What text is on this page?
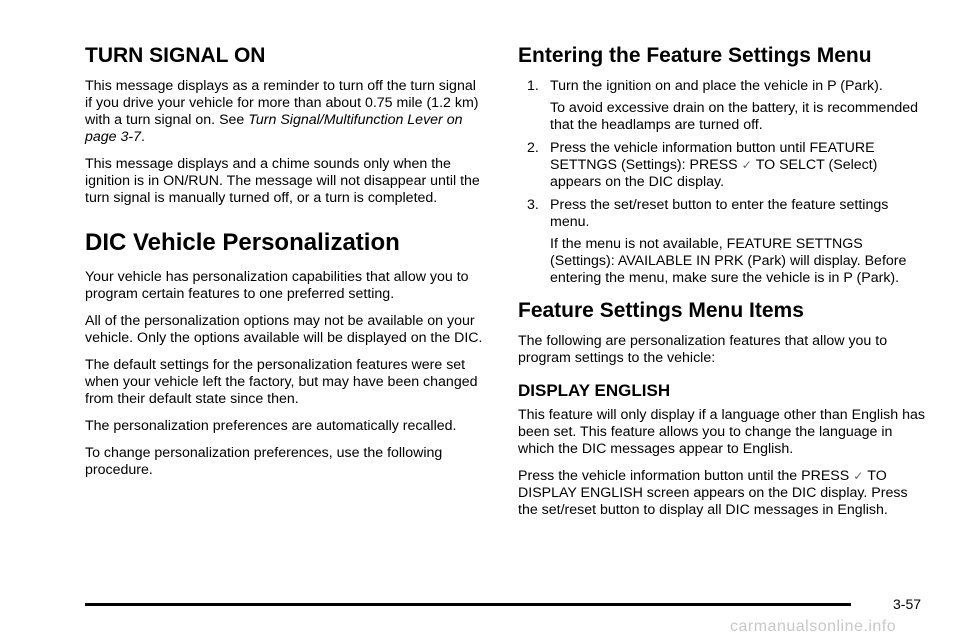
TURN SIGNAL ON

This message displays as a reminder to turn off the turn signal if you drive your vehicle for more than about 0.75 mile (1.2 km) with a turn signal on. See Turn Signal/Multifunction Lever on page 3-7.

This message displays and a chime sounds only when the ignition is in ON/RUN. The message will not disappear until the turn signal is manually turned off, or a turn is completed.

DIC Vehicle Personalization

Your vehicle has personalization capabilities that allow you to program certain features to one preferred setting.

All of the personalization options may not be available on your vehicle. Only the options available will be displayed on the DIC.

The default settings for the personalization features were set when your vehicle left the factory, but may have been changed from their default state since then.

The personalization preferences are automatically recalled.

To change personalization preferences, use the following procedure.

Entering the Feature Settings Menu
1. Turn the ignition on and place the vehicle in P (Park).

To avoid excessive drain on the battery, it is recommended that the headlamps are turned off.

2. Press the vehicle information button until FEATURE SETTNGS (Settings): PRESS ✓ TO SELCT (Select) appears on the DIC display.

3. Press the set/reset button to enter the feature settings menu.

If the menu is not available, FEATURE SETTNGS (Settings): AVAILABLE IN PRK (Park) will display. Before entering the menu, make sure the vehicle is in P (Park).

Feature Settings Menu Items

The following are personalization features that allow you to program settings to the vehicle:

DISPLAY ENGLISH

This feature will only display if a language other than English has been set. This feature allows you to change the language in which the DIC messages appear to English.

Press the vehicle information button until the PRESS ✓ TO DISPLAY ENGLISH screen appears on the DIC display. Press the set/reset button to display all DIC messages in English.

3-57
carmanualsonline.info
